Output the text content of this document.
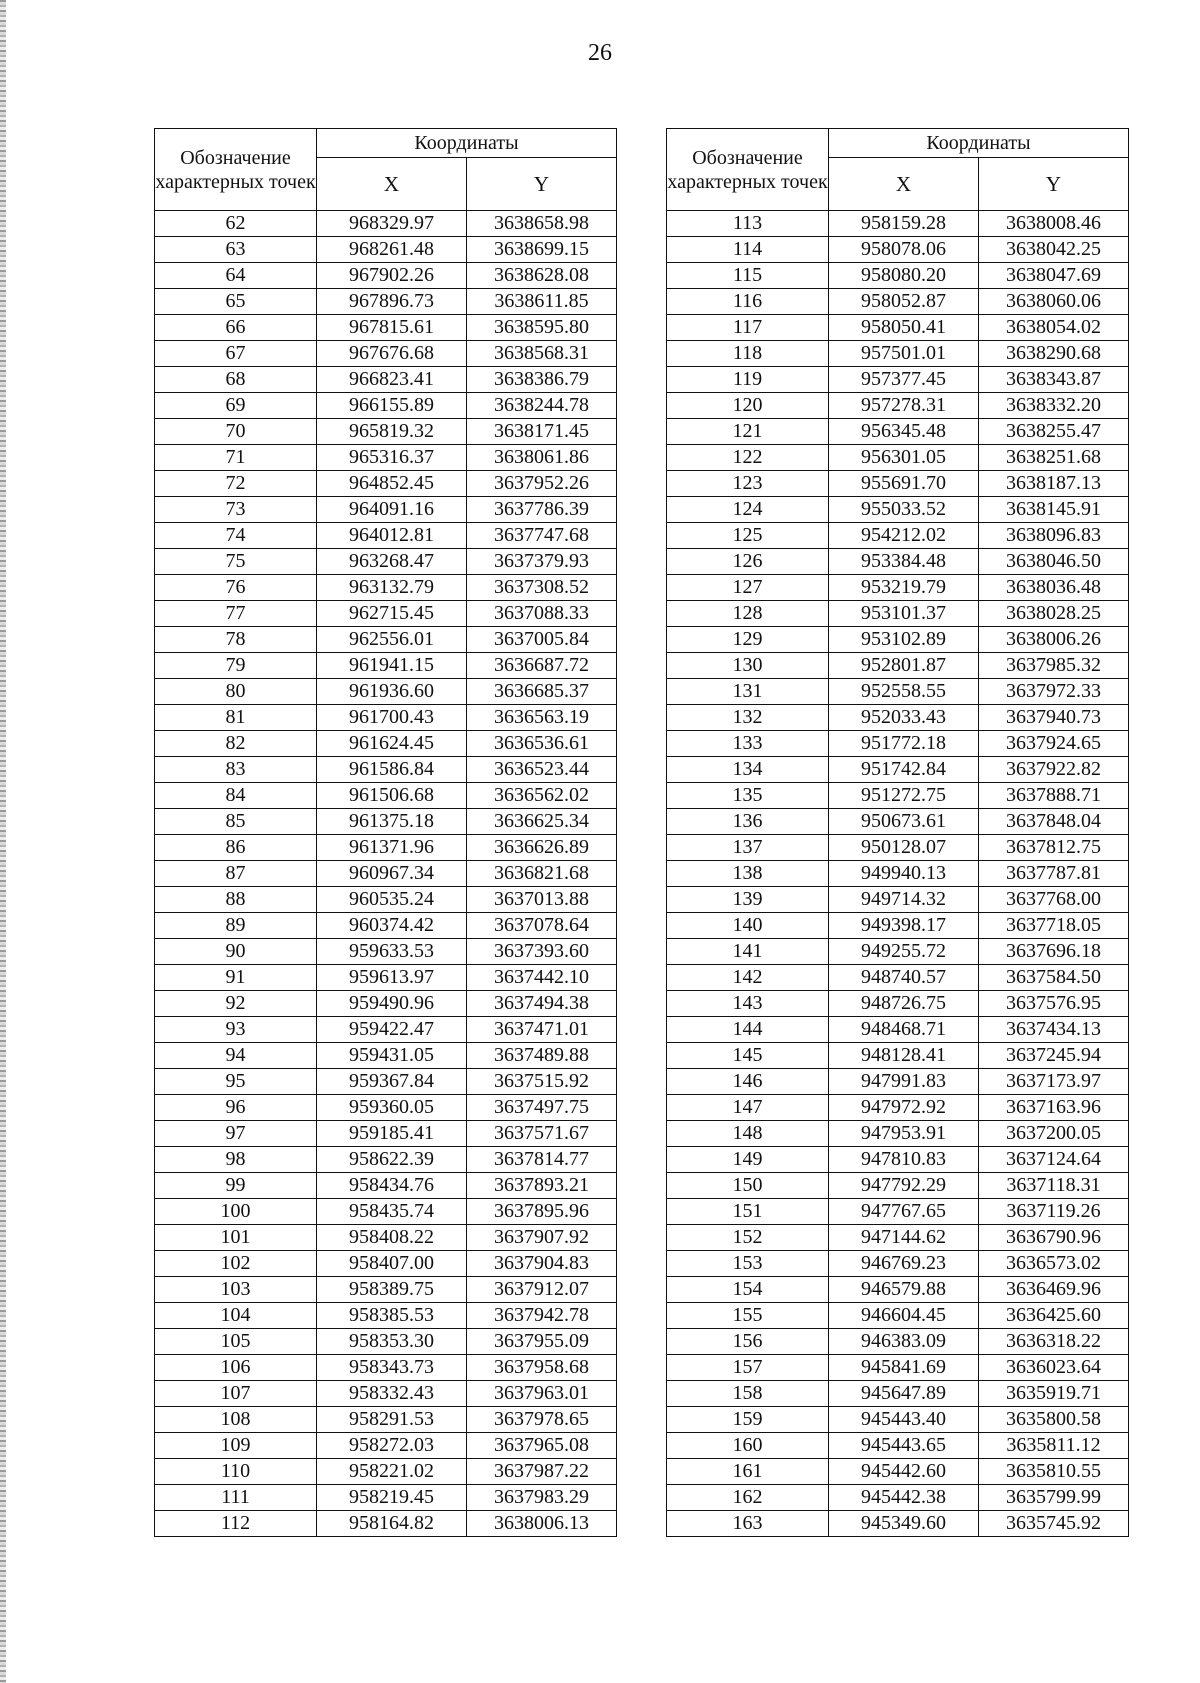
26
Обозначение характерных точек	Координаты	
	X	Y
62	968329.97	3638658.98
63	968261.48	3638699.15
64	967902.26	3638628.08
65	967896.73	3638611.85
66	967815.61	3638595.80
67	967676.68	3638568.31
68	966823.41	3638386.79
69	966155.89	3638244.78
70	965819.32	3638171.45
71	965316.37	3638061.86
72	964852.45	3637952.26
73	964091.16	3637786.39
74	964012.81	3637747.68
75	963268.47	3637379.93
76	963132.79	3637308.52
77	962715.45	3637088.33
78	962556.01	3637005.84
79	961941.15	3636687.72
80	961936.60	3636685.37
81	961700.43	3636563.19
82	961624.45	3636536.61
83	961586.84	3636523.44
84	961506.68	3636562.02
85	961375.18	3636625.34
86	961371.96	3636626.89
87	960967.34	3636821.68
88	960535.24	3637013.88
89	960374.42	3637078.64
90	959633.53	3637393.60
91	959613.97	3637442.10
92	959490.96	3637494.38
93	959422.47	3637471.01
94	959431.05	3637489.88
95	959367.84	3637515.92
96	959360.05	3637497.75
97	959185.41	3637571.67
98	958622.39	3637814.77
99	958434.76	3637893.21
100	958435.74	3637895.96
101	958408.22	3637907.92
102	958407.00	3637904.83
103	958389.75	3637912.07
104	958385.53	3637942.78
105	958353.30	3637955.09
106	958343.73	3637958.68
107	958332.43	3637963.01
108	958291.53	3637978.65
109	958272.03	3637965.08
110	958221.02	3637987.22
111	958219.45	3637983.29
112	958164.82	3638006.13
Обозначение характерных точек	Координаты	
	X	Y
113	958159.28	3638008.46
114	958078.06	3638042.25
115	958080.20	3638047.69
116	958052.87	3638060.06
117	958050.41	3638054.02
118	957501.01	3638290.68
119	957377.45	3638343.87
120	957278.31	3638332.20
121	956345.48	3638255.47
122	956301.05	3638251.68
123	955691.70	3638187.13
124	955033.52	3638145.91
125	954212.02	3638096.83
126	953384.48	3638046.50
127	953219.79	3638036.48
128	953101.37	3638028.25
129	953102.89	3638006.26
130	952801.87	3637985.32
131	952558.55	3637972.33
132	952033.43	3637940.73
133	951772.18	3637924.65
134	951742.84	3637922.82
135	951272.75	3637888.71
136	950673.61	3637848.04
137	950128.07	3637812.75
138	949940.13	3637787.81
139	949714.32	3637768.00
140	949398.17	3637718.05
141	949255.72	3637696.18
142	948740.57	3637584.50
143	948726.75	3637576.95
144	948468.71	3637434.13
145	948128.41	3637245.94
146	947991.83	3637173.97
147	947972.92	3637163.96
148	947953.91	3637200.05
149	947810.83	3637124.64
150	947792.29	3637118.31
151	947767.65	3637119.26
152	947144.62	3636790.96
153	946769.23	3636573.02
154	946579.88	3636469.96
155	946604.45	3636425.60
156	946383.09	3636318.22
157	945841.69	3636023.64
158	945647.89	3635919.71
159	945443.40	3635800.58
160	945443.65	3635811.12
161	945442.60	3635810.55
162	945442.38	3635799.99
163	945349.60	3635745.92
